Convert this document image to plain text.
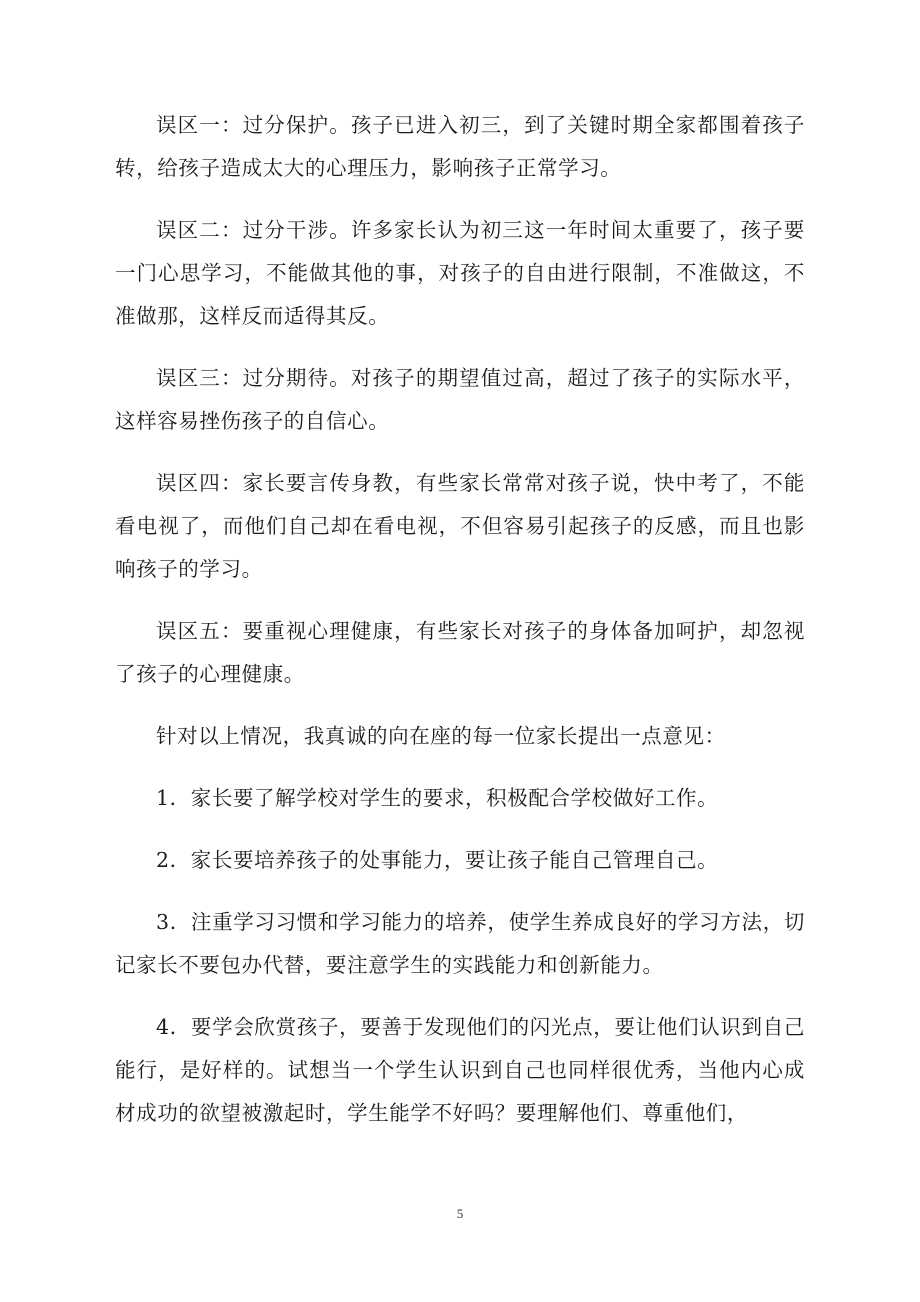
误区一：过分保护。孩子已进入初三，到了关键时期全家都围着孩子转，给孩子造成太大的心理压力，影响孩子正常学习。

误区二：过分干涉。许多家长认为初三这一年时间太重要了，孩子要一门心思学习，不能做其他的事，对孩子的自由进行限制，不准做这，不准做那，这样反而适得其反。

误区三：过分期待。对孩子的期望值过高，超过了孩子的实际水平，这样容易挫伤孩子的自信心。

误区四：家长要言传身教，有些家长常常对孩子说，快中考了，不能看电视了，而他们自己却在看电视，不但容易引起孩子的反感，而且也影响孩子的学习。

误区五：要重视心理健康，有些家长对孩子的身体备加呵护，却忽视了孩子的心理健康。

针对以上情况，我真诚的向在座的每一位家长提出一点意见：

1．家长要了解学校对学生的要求，积极配合学校做好工作。

2．家长要培养孩子的处事能力，要让孩子能自己管理自己。

3．注重学习习惯和学习能力的培养，使学生养成良好的学习方法，切记家长不要包办代替，要注意学生的实践能力和创新能力。

4．要学会欣赏孩子，要善于发现他们的闪光点，要让他们认识到自己能行，是好样的。试想当一个学生认识到自己也同样很优秀，当他内心成材成功的欲望被激起时，学生能学不好吗？要理解他们、尊重他们，

5
